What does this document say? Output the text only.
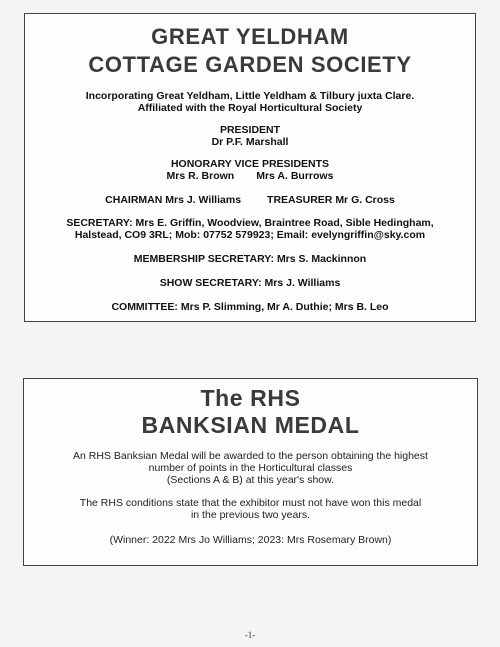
GREAT YELDHAM
COTTAGE GARDEN SOCIETY
Incorporating Great Yeldham, Little Yeldham & Tilbury juxta Clare.
Affiliated with the Royal Horticultural Society
PRESIDENT
Dr P.F. Marshall
HONORARY VICE PRESIDENTS
Mrs R. Brown Mrs A. Burrows
CHAIRMAN Mrs J. Williams TREASURER Mr G. Cross
SECRETARY: Mrs E. Griffin, Woodview, Braintree Road, Sible Hedingham,
Halstead, CO9 3RL; Mob: 07752 579923; Email: evelyngriffin@sky.com
MEMBERSHIP SECRETARY: Mrs S. Mackinnon
SHOW SECRETARY: Mrs J. Williams
COMMITTEE: Mrs P. Slimming, Mr A. Duthie; Mrs B. Leo
The RHS
BANKSIAN MEDAL
An RHS Banksian Medal will be awarded to the person obtaining the highest
number of points in the Horticultural classes
(Sections A & B) at this year's show.
The RHS conditions state that the exhibitor must not have won this medal
in the previous two years.
(Winner: 2022 Mrs Jo Williams; 2023: Mrs Rosemary Brown)
-1-
